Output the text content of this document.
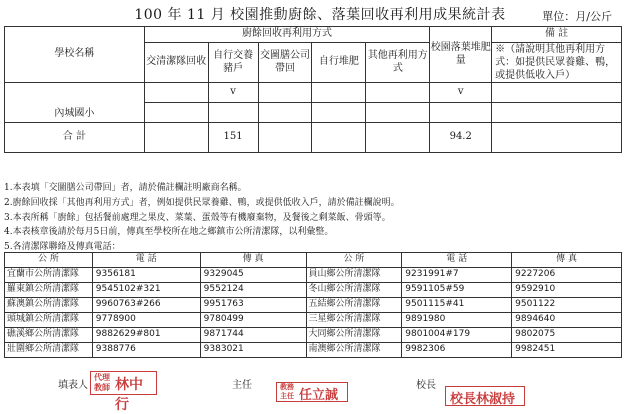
100 年 11 月 校園推動廚餘、落葉回收再利用成果統計表	單位：月/公斤
學校名稱	廚餘回收再利用方式					校園落葉堆肥量	備 註
	交清潔隊回收	自行交養豬戶	交圖膳公司帶回	自行堆肥	其他再利用方式		※（請說明其他再利用方式：如提供民眾養雞、鴨，或提供低收入戶）
內城國小		v				v	

合 計		151				94.2	
1.本表填「交圖膳公司帶回」者，請於備註欄註明廠商名稱。
2.廚餘回收採「其他再利用方式」者，例如提供民眾養雞、鴨，或提供低收入戶，請於備註欄說明。
3.本表所稱「廚餘」包括餐前處理之果皮、菜葉、蛋殼等有機廢棄物，及餐後之剩菜飯、骨頭等。
4.本表核章後請於每月5日前，傳真至學校所在地之鄉鎮市公所清潔隊，以利彙整。
5.各清潔隊聯絡及傳真電話：
公 所	電 話	傳 真	公 所	電 話	傳 真
宜蘭市公所清潔隊	9356181	9329045	員山鄉公所清潔隊	9231991#7	9227206
羅東鎮公所清潔隊	9545102#321	9552124	冬山鄉公所清潔隊	9591105#59	9592910
蘇澳鎮公所清潔隊	9960763#266	9951763	五結鄉公所清潔隊	9501115#41	9501122
頭城鎮公所清潔隊	9778900	9780499	三星鄉公所清潔隊	9891980	9894640
礁溪鄉公所清潔隊	9882629#801	9871744	大同鄉公所清潔隊	9801004#179	9802075
壯圍鄉公所清潔隊	9388776	9383021	南澳鄉公所清潔隊	9982306	9982451
填表人
代理教師 林中行
主任	教務主任 任立誠
校長
校長林淑持
